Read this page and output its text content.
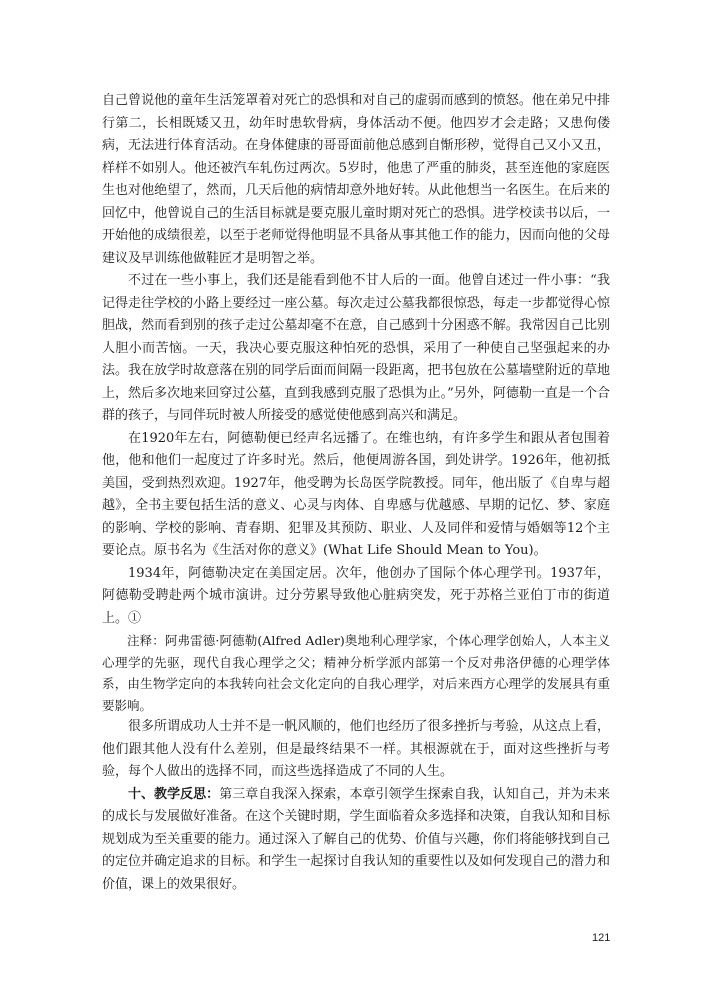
自己曾说他的童年生活笼罩着对死亡的恐惧和对自己的虚弱而感到的愤怒。他在弟兄中排行第二，长相既矮又丑，幼年时患软骨病，身体活动不便。他四岁才会走路；又患佝偻病，无法进行体育活动。在身体健康的哥哥面前他总感到自惭形秽，觉得自己又小又丑，样样不如别人。他还被汽车轧伤过两次。5岁时，他患了严重的肺炎，甚至连他的家庭医生也对他绝望了，然而，几天后他的病情却意外地好转。从此他想当一名医生。在后来的回忆中，他曾说自己的生活目标就是要克服儿童时期对死亡的恐惧。进学校读书以后，一开始他的成绩很差，以至于老师觉得他明显不具备从事其他工作的能力，因而向他的父母建议及早训练他做鞋匠才是明智之举。

不过在一些小事上，我们还是能看到他不甘人后的一面。他曾自述过一件小事：“我记得走往学校的小路上要经过一座公墓。每次走过公墓我都很惊恐，每走一步都觉得心惊胆战，然而看到别的孩子走过公墓却毫不在意，自己感到十分困惑不解。我常因自己比别人胆小而苦恼。一天，我决心要克服这种怕死的恐惧，采用了一种使自己坚强起来的办法。我在放学时故意落在别的同学后面而间隔一段距离，把书包放在公墓墙壁附近的草地上，然后多次地来回穿过公墓，直到我感到克服了恐惧为止。”另外，阿德勒一直是一个合群的孩子，与同伴玩时被人所接受的感觉使他感到高兴和满足。

在1920年左右，阿德勒便已经声名远播了。在维也纳，有许多学生和跟从者包围着他，他和他们一起度过了许多时光。然后，他便周游各国，到处讲学。1926年，他初抵美国，受到热烈欢迎。1927年，他受聘为长岛医学院教授。同年，他出版了《自卑与超越》，全书主要包括生活的意义、心灵与肉体、自卑感与优越感、早期的记忆、梦、家庭的影响、学校的影响、青春期、犯罪及其预防、职业、人及同伴和爱情与婚姻等12个主要论点。原书名为《生活对你的意义》(What Life Should Mean to You)。

1934年，阿德勒决定在美国定居。次年，他创办了国际个体心理学刊。1937年，阿德勒受聘赴两个城市演讲。过分劳累导致他心脏病突发，死于苏格兰亚伯丁市的街道上。①

注释：阿弗雷德·阿德勒(Alfred Adler)奥地利心理学家，个体心理学创始人，人本主义心理学的先驱，现代自我心理学之父；精神分析学派内部第一个反对弗洛伊德的心理学体系，由生物学定向的本我转向社会文化定向的自我心理学，对后来西方心理学的发展具有重要影响。

很多所谓成功人士并不是一帆风顺的，他们也经历了很多挫折与考验，从这点上看，他们跟其他人没有什么差别，但是最终结果不一样。其根源就在于，面对这些挫折与考验，每个人做出的选择不同，而这些选择造成了不同的人生。

十、教学反思：第三章自我深入探索，本章引领学生探索自我，认知自己，并为未来的成长与发展做好准备。在这个关键时期，学生面临着众多选择和决策，自我认知和目标规划成为至关重要的能力。通过深入了解自己的优势、价值与兴趣，你们将能够找到自己的定位并确定追求的目标。和学生一起探讨自我认知的重要性以及如何发现自己的潜力和价值，课上的效果很好。

121
